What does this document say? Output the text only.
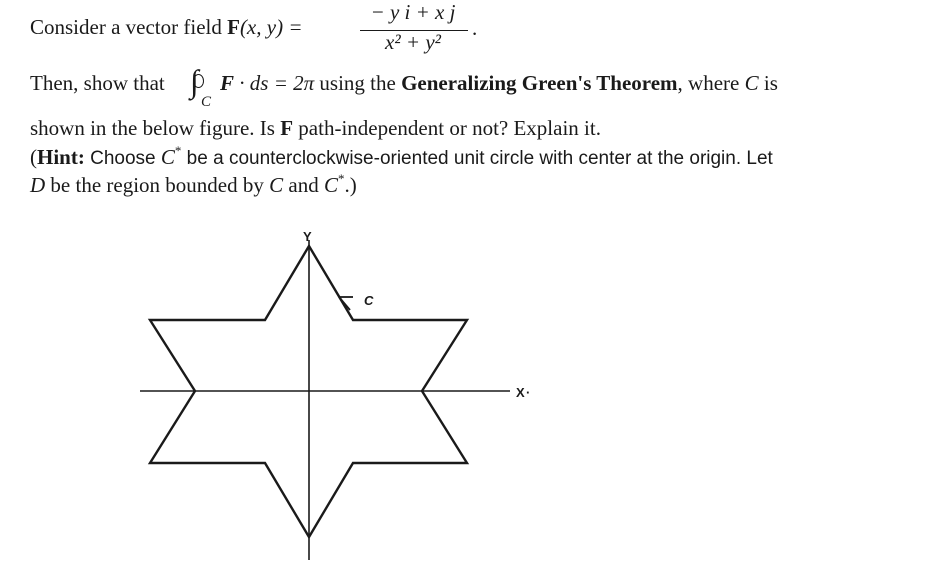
Consider a vector field F(x, y) =
− y i + x j
x² + y²
.
Then, show that ∫
C
F · ds = 2π using the Generalizing Green's Theorem, where C is
shown in the below figure. Is F path-independent or not? Explain it.
(Hint: Choose C* be a counterclockwise-oriented unit circle with center at the origin. Let
D be the region bounded by C and C*.)
Y
X ·
C
